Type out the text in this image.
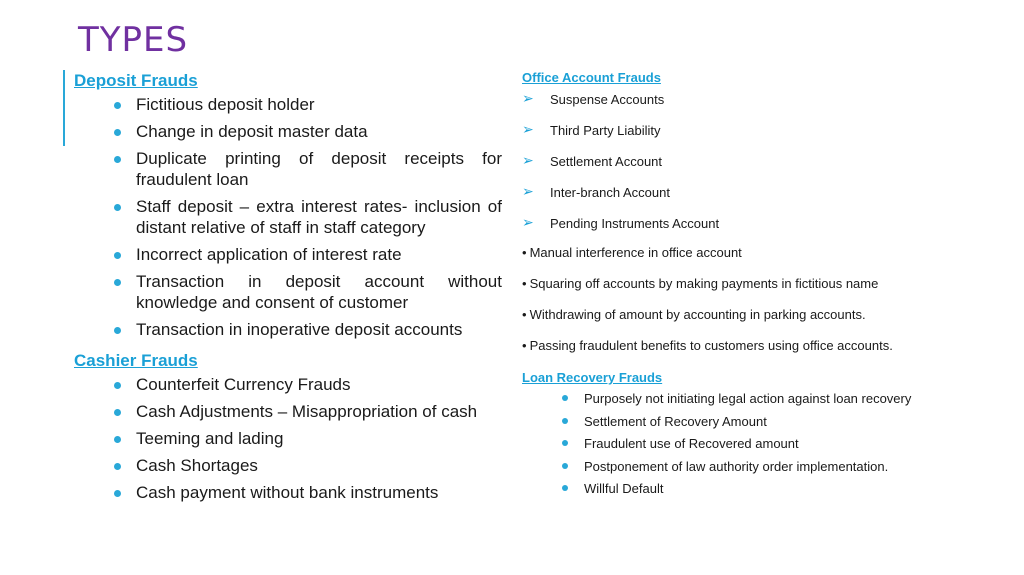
TYPES
Deposit Frauds
Fictitious deposit holder
Change in deposit master data
Duplicate printing of deposit receipts for fraudulent loan
Staff deposit – extra interest rates- inclusion of distant relative of staff in staff category
Incorrect application of interest rate
Transaction in deposit account without knowledge and consent of customer
Transaction in inoperative deposit accounts
Cashier Frauds
Counterfeit Currency Frauds
Cash Adjustments – Misappropriation of cash
Teeming and lading
Cash Shortages
Cash payment without bank instruments
Office Account Frauds
➢ Suspense Accounts
➢ Third Party Liability
➢ Settlement Account
➢ Inter-branch Account
➢ Pending Instruments Account
• Manual interference in office account
• Squaring off accounts by making payments in fictitious name
• Withdrawing of amount by accounting in parking accounts.
• Passing fraudulent benefits to customers using office accounts.
Loan Recovery Frauds
Purposely not initiating legal action against loan recovery
Settlement of Recovery Amount
Fraudulent use of Recovered amount
Postponement of law authority order implementation.
Willful Default
